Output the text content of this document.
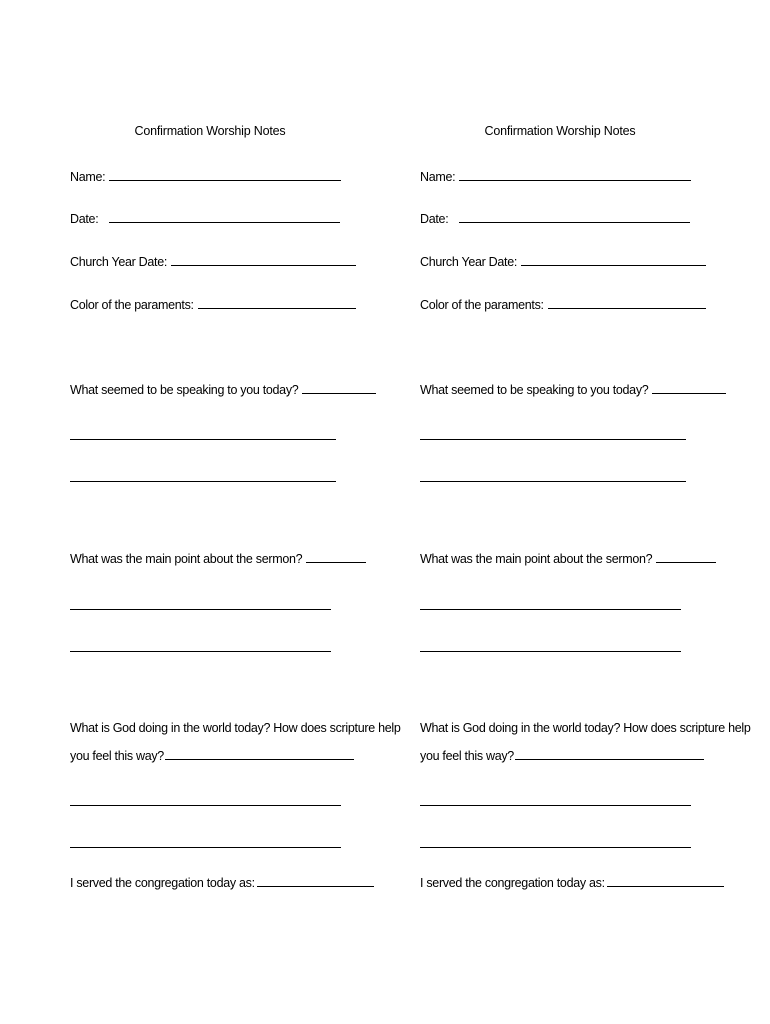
Confirmation Worship Notes
Name:
Date:
Church Year Date:
Color of the paraments:
What seemed to be speaking to you today?
What was the main point about the sermon?
What is God doing in the world today? How does scripture help
you feel this way?
I served the congregation today as:
Confirmation Worship Notes
Name:
Date:
Church Year Date:
Color of the paraments:
What seemed to be speaking to you today?
What was the main point about the sermon?
What is God doing in the world today? How does scripture help
you feel this way?
I served the congregation today as:
